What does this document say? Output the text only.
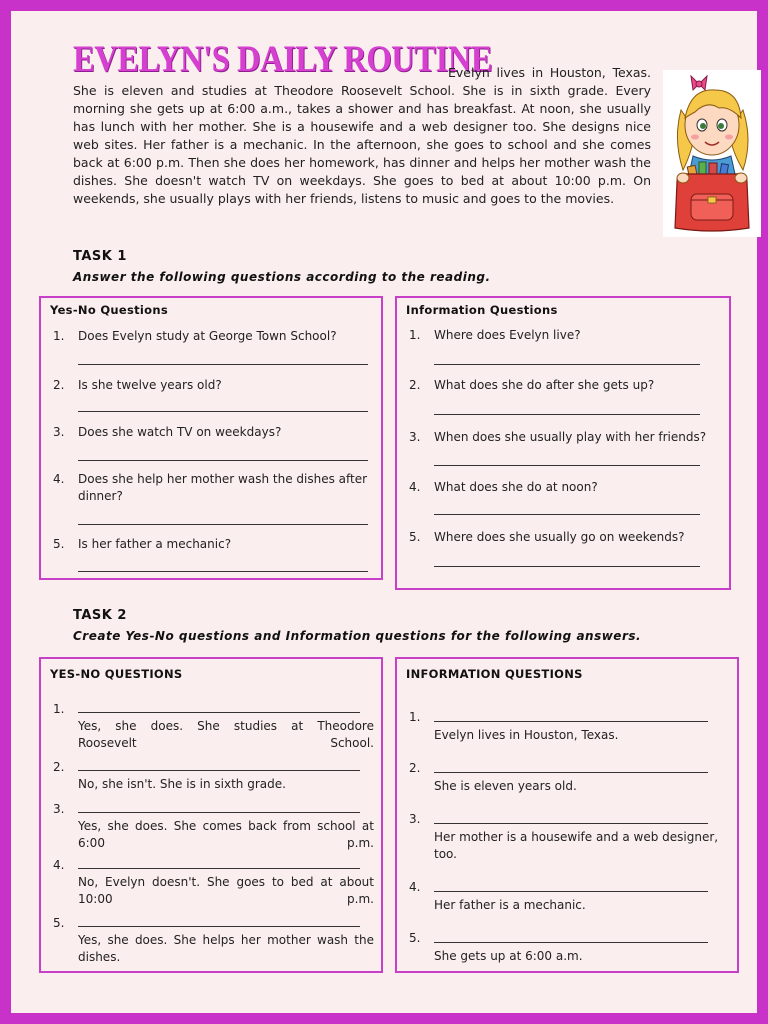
EVELYN'S DAILY ROUTINE
Evelyn lives in Houston, Texas. She is eleven and studies at Theodore Roosevelt School. She is in sixth grade. Every morning she gets up at 6:00 a.m., takes a shower and has breakfast. At noon, she usually has lunch with her mother. She is a housewife and a web designer too. She designs nice web sites. Her father is a mechanic. In the afternoon, she goes to school and she comes back at 6:00 p.m. Then she does her homework, has dinner and helps her mother wash the dishes. She doesn't watch TV on weekdays. She goes to bed at about 10:00 p.m. On weekends, she usually plays with her friends, listens to music and goes to the movies.
TASK 1
Answer the following questions according to the reading.
Yes-No Questions
1.	Does Evelyn study at George Town School?
2.	Is she twelve years old?
3.	Does she watch TV on weekdays?
4.	Does she help her mother wash the dishes after dinner?
5.	Is her father a mechanic?
Information Questions
1.	Where does Evelyn live?
2.	What does she do after she gets up?
3.	When does she usually play with her friends?
4.	What does she do at noon?
5.	Where does she usually go on weekends?
TASK 2
Create Yes-No questions and Information questions for the following answers.
YES-NO QUESTIONS
1.
Yes, she does. She studies at Theodore Roosevelt School.
2.
No, she isn't. She is in sixth grade.
3.
Yes, she does. She comes back from school at 6:00 p.m.
4.
No, Evelyn doesn't. She goes to bed at about 10:00 p.m.
5.
Yes, she does. She helps her mother wash the dishes.
INFORMATION QUESTIONS
1.
Evelyn lives in Houston, Texas.
2.
She is eleven years old.
3.
Her mother is a housewife and a web designer, too.
4.
Her father is a mechanic.
5.
She gets up at 6:00 a.m.
